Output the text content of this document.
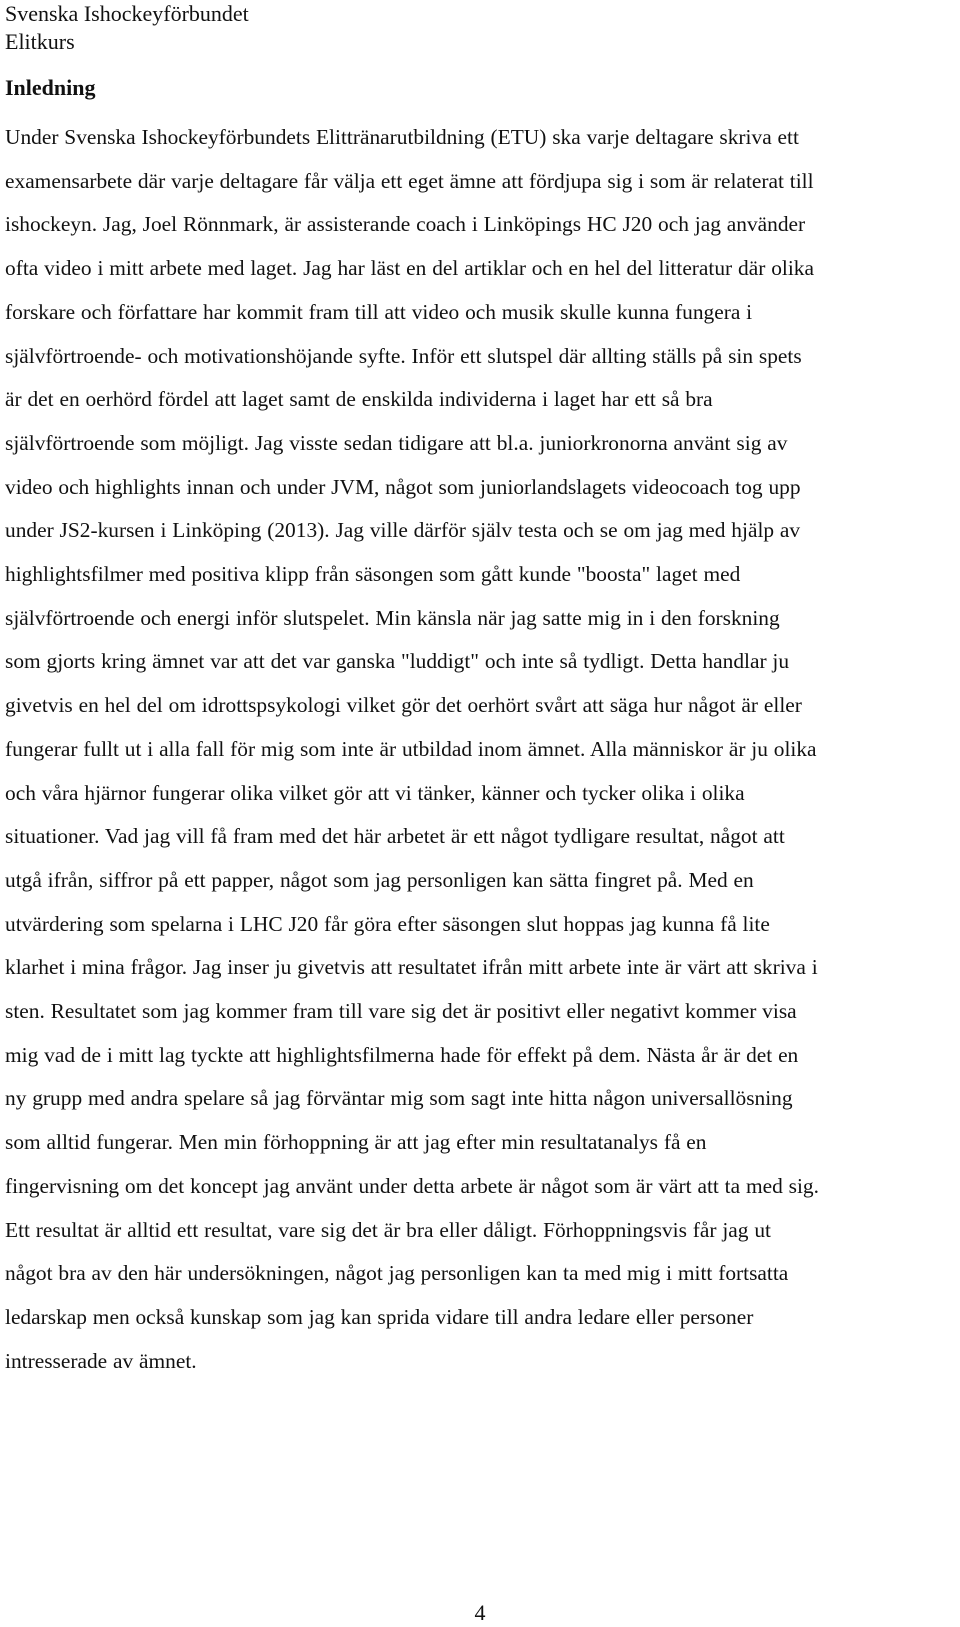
Svenska Ishockeyförbundet
Elitkurs
Inledning

Under Svenska Ishockeyförbundets Elittränarutbildning (ETU) ska varje deltagare skriva ett
examensarbete där varje deltagare får välja ett eget ämne att fördjupa sig i som är relaterat till
ishockeyn. Jag, Joel Rönnmark, är assisterande coach i Linköpings HC J20 och jag använder
ofta video i mitt arbete med laget. Jag har läst en del artiklar och en hel del litteratur där olika
forskare och författare har kommit fram till att video och musik skulle kunna fungera i
självförtroende- och motivationshöjande syfte. Inför ett slutspel där allting ställs på sin spets
är det en oerhörd fördel att laget samt de enskilda individerna i laget har ett så bra
självförtroende som möjligt. Jag visste sedan tidigare att bl.a. juniorkronorna använt sig av
video och highlights innan och under JVM, något som juniorlandslagets videocoach tog upp
under JS2-kursen i Linköping (2013). Jag ville därför själv testa och se om jag med hjälp av
highlightsfilmer med positiva klipp från säsongen som gått kunde "boosta" laget med
självförtroende och energi inför slutspelet. Min känsla när jag satte mig in i den forskning
som gjorts kring ämnet var att det var ganska "luddigt" och inte så tydligt. Detta handlar ju
givetvis en hel del om idrottspsykologi vilket gör det oerhört svårt att säga hur något är eller
fungerar fullt ut i alla fall för mig som inte är utbildad inom ämnet. Alla människor är ju olika
och våra hjärnor fungerar olika vilket gör att vi tänker, känner och tycker olika i olika
situationer. Vad jag vill få fram med det här arbetet är ett något tydligare resultat, något att
utgå ifrån, siffror på ett papper, något som jag personligen kan sätta fingret på. Med en
utvärdering som spelarna i LHC J20 får göra efter säsongen slut hoppas jag kunna få lite
klarhet i mina frågor. Jag inser ju givetvis att resultatet ifrån mitt arbete inte är värt att skriva i
sten. Resultatet som jag kommer fram till vare sig det är positivt eller negativt kommer visa
mig vad de i mitt lag tyckte att highlightsfilmerna hade för effekt på dem. Nästa år är det en
ny grupp med andra spelare så jag förväntar mig som sagt inte hitta någon universallösning
som alltid fungerar. Men min förhoppning är att jag efter min resultatanalys få en
fingervisning om det koncept jag använt under detta arbete är något som är värt att ta med sig.
Ett resultat är alltid ett resultat, vare sig det är bra eller dåligt. Förhoppningsvis får jag ut
något bra av den här undersökningen, något jag personligen kan ta med mig i mitt fortsatta
ledarskap men också kunskap som jag kan sprida vidare till andra ledare eller personer
intresserade av ämnet.

4
